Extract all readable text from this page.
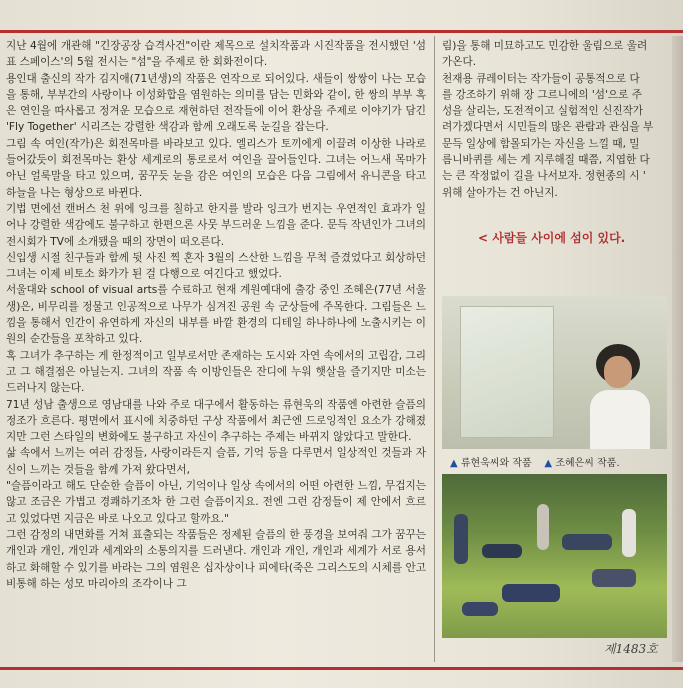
지난 4월에 개관해 "긴장공장 습격사건"이란 제목으로 설치작품과 시진작품을 전시했던 '섬표 스페이스'의 5월 전시는 "섬"을 주제로 한 회화전이다.

용인대 출신의 작가 김지애(71년생)의 작품은 연작으로 되어있다. 새들이 쌍쌍이 나는 모습을 통해, 부부간의 사랑이나 이성화합을 염원하는 의미를 담는 민화와 같이, 한 쌍의 부부 혹은 연인을 따사롭고 정겨운 모습으로 재현하던 전작들에 이어 환상을 주제로 이야기가 담긴 'Fly Together' 시리즈는 강렬한 색감과 함께 오래도록 눈길을 잡는다.

그림 속 여인(작가)은 회전목마를 바라보고 있다. 엘리스가 토끼에게 이끌려 이상한 나라로 들어갔듯이 회전목마는 환상 세계로의 통로로서 여인을 끌어들인다. 그녀는 어느새 목마가 아닌 얼룩말을 타고 있으며, 꿈꾸듯 눈을 감은 여인의 모습은 다음 그림에서 유니콘을 타고 하늘을 나는 형상으로 바뀐다.

기법 면에선 캔버스 천 위에 잉크를 칠하고 한지를 발라 잉크가 번지는 우연적인 효과가 일어나 강렬한 색감에도 불구하고 한편으론 사뭇 부드러운 느낌을 준다. 문득 작년인가 그녀의 전시회가 TV에 소개됐을 때의 장면이 떠오른다.

신입생 시절 친구들과 함께 뒷 사진 찍 혼자 3월의 스산한 느낌을 무척 즐겼었다고 회상하던 그녀는 이제 비토소 화가가 된 걸 다행으로 여긴다고 했었다.

서울대와 school of visual arts를 수료하고 현재 계원예대에 출강 중인 조혜은(77년 서울생)은, 비무리를 정물고 인공적으로 나무가 심겨진 공원 속 군상들에 주목한다. 그림들은 느낌을 통해서 인간이 유연하게 자신의 내부를 바깥 환경의 디테일 하나하나에 노출시키는 이원의 순간들을 포착하고 있다.

혹 그녀가 추구하는 게 한정적이고 일부로서만 존재하는 도시와 자연 속에서의 고립감, 그리고 그 해결점은 아닐는지. 그녀의 작품 속 이방인들은 잔디에 누워 햇살을 즐기지만 미소는 드러나지 않는다.

71년 성남 출생으로 영남대를 나와 주로 대구에서 활동하는 류현욱의 작품엔 아련한 슬픔의 정조가 흐른다. 평면에서 표시에 치중하던 구상 작품에서 최근엔 드로잉적인 요소가 강해졌지만 그런 스타일의 변화에도 불구하고 자신이 추구하는 주제는 바뀌지 않았다고 말한다.

삶 속에서 느끼는 여러 감정들, 사랑이라든지 슬픔, 기억 등을 다루면서 일상적인 것들과 자신이 느끼는 것들을 함께 가져 왔다면서,

"슬픔이라고 해도 단순한 슬픔이 아닌, 기억이나 일상 속에서의 어떤 아련한 느낌, 무겁지는 않고 조금은 가볍고 경쾌하기조차 한 그런 슬픔이지요. 전엔 그런 감정들이 제 안에서 흐르고 있었다면 지금은 바로 나오고 있다고 할까요."

그런 감정의 내면화를 거쳐 표출되는 작품들은 정제된 슬픔의 한 풍경을 보여줘 그가 꿈꾸는 개인과 개인, 개인과 세계와의 소통의지를 드러낸다. 개인과 개인, 개인과 세계가 서로 용서하고 화해할 수 있기를 바라는 그의 염원은 십자상이나 피에타(죽은 그리스도의 시체를 안고 비통해 하는 성모 마리아의 조각이나 그

림)을 통해 미묘하고도 민감한 울림으로 울려

가온다.

천재용 큐레이터는 작가들이 공통적으로 다

를 강조하기 위해 장 그르니에의 '섬'으로 주

성을 살리는, 도전적이고 실험적인 신진작가

려가겠다면서 시민들의 많은 관람과 관심을 부

문득 일상에 함몰되가는 자신을 느낄 때, 밀

름니바퀴를 세는 게 지루해질 때쯤, 지엽한 다

는 큰 작정없이 길을 나서보자. 정현종의 시 '

위해 살아가는 건 아닌지.

< 사람들 사이에 섬이 있다.
▲ 류현욱씨와 작품 ▲ 조혜은씨 작품.
제1483호
